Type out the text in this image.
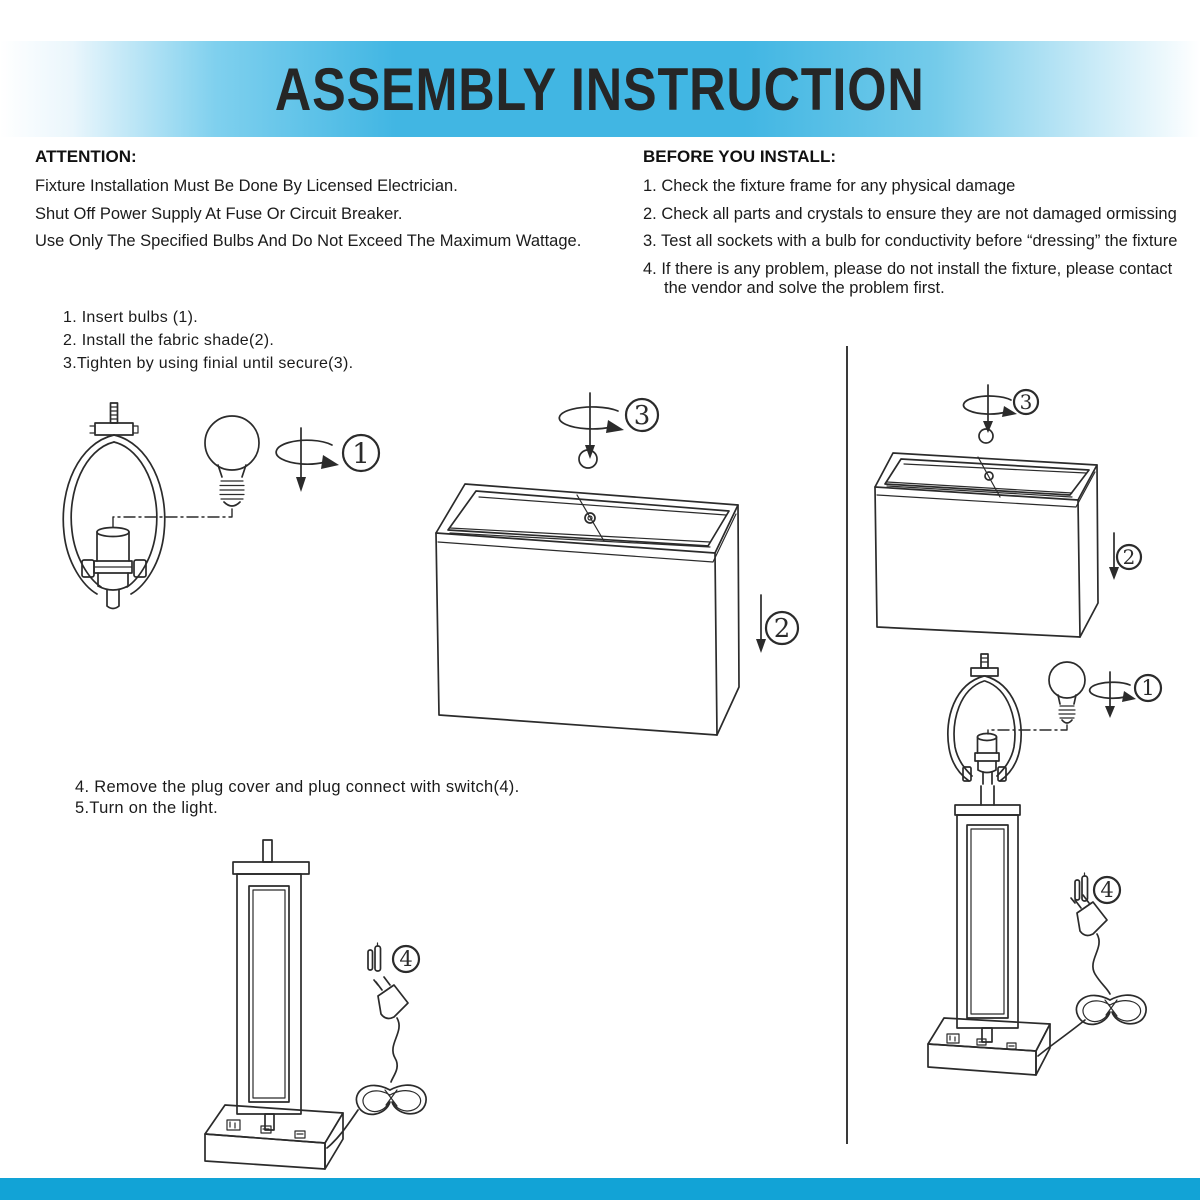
ASSEMBLY INSTRUCTION
ATTENTION:

Fixture Installation Must Be Done By Licensed Electrician.

Shut Off Power Supply At Fuse Or Circuit Breaker.

Use Only The Specified Bulbs And Do Not Exceed The Maximum Wattage.

BEFORE YOU INSTALL:
1. Check the fixture frame for any physical damage
2. Check all parts and crystals to ensure they are not damaged ormissing
3. Test all sockets with a bulb for conductivity before “dressing” the fixture
4. If there is any problem, please do not install the fixture, please contact the vendor and solve the problem first.
1. Insert bulbs (1).
2. Install the fabric shade(2).
3.Tighten by using finial until secure(3).
4. Remove the plug cover and plug connect with switch(4).
5.Turn on the light.
1
3
2
3
2
1
4
4
